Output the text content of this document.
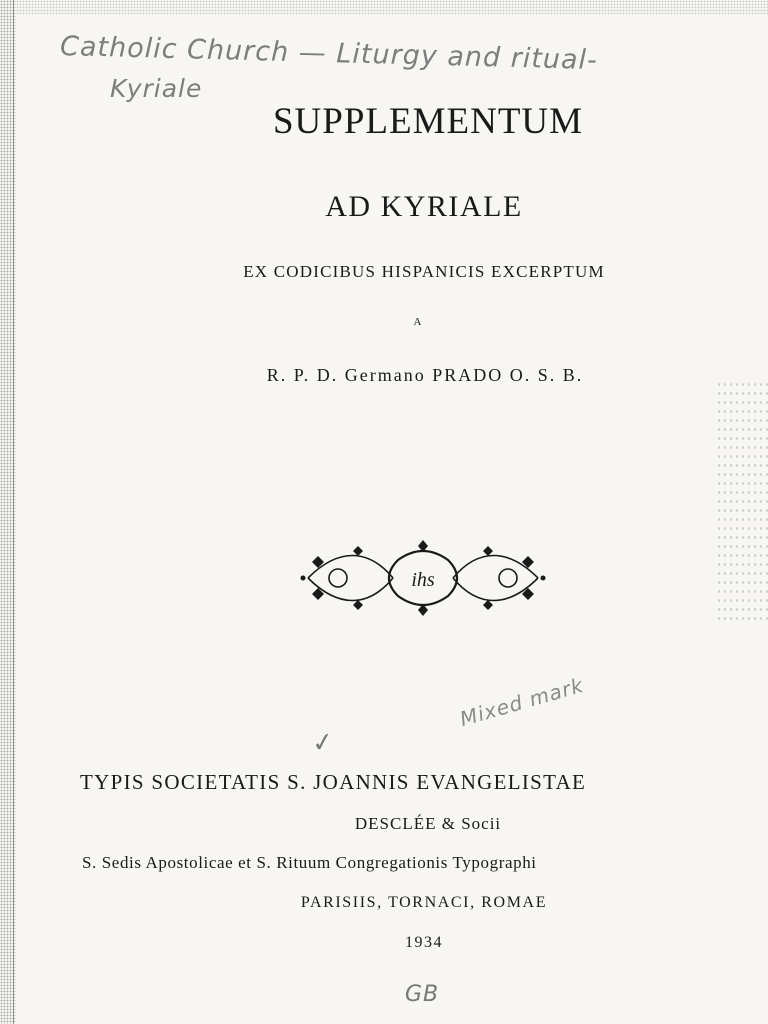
Catholic Church — Liturgy and ritual-
Kyriale
SUPPLEMENTUM
AD KYRIALE
EX CODICIBUS HISPANICIS EXCERPTUM
A
R. P. D. Germano PRADO O. S. B.
ihs
✓
Mixed mark
TYPIS SOCIETATIS S. JOANNIS EVANGELISTAE
DESCLÉE & Socii
S. Sedis Apostolicae et S. Rituum Congregationis Typographi
PARISIIS, TORNACI, ROMAE
1934
GB
